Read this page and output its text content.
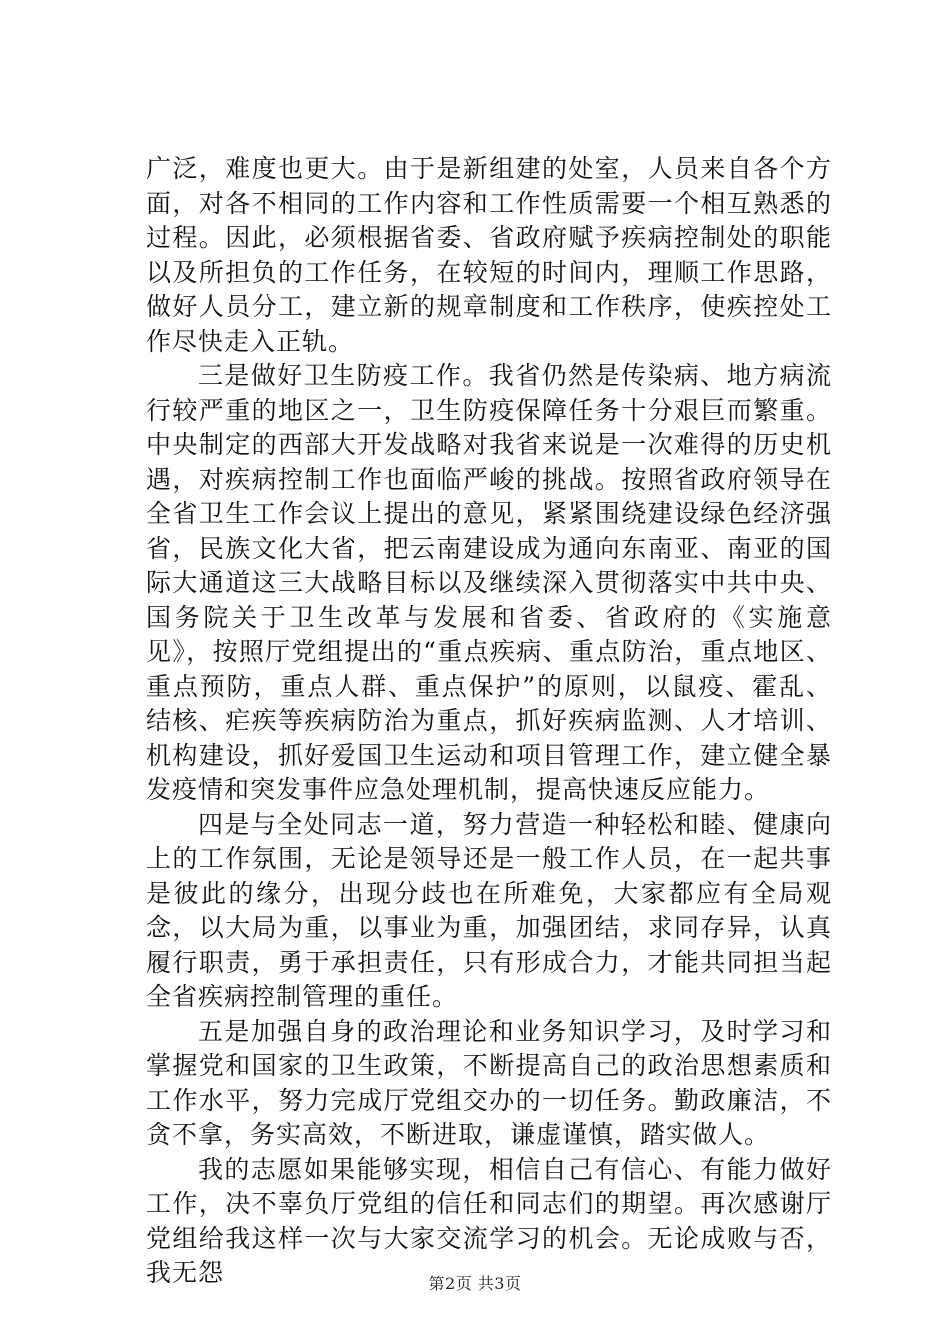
广泛，难度也更大。由于是新组建的处室，人员来自各个方面，对各不相同的工作内容和工作性质需要一个相互熟悉的过程。因此，必须根据省委、省政府赋予疾病控制处的职能以及所担负的工作任务，在较短的时间内，理顺工作思路，做好人员分工，建立新的规章制度和工作秩序，使疾控处工作尽快走入正轨。

三是做好卫生防疫工作。我省仍然是传染病、地方病流行较严重的地区之一，卫生防疫保障任务十分艰巨而繁重。中央制定的西部大开发战略对我省来说是一次难得的历史机遇，对疾病控制工作也面临严峻的挑战。按照省政府领导在全省卫生工作会议上提出的意见，紧紧围绕建设绿色经济强省，民族文化大省，把云南建设成为通向东南亚、南亚的国际大通道这三大战略目标以及继续深入贯彻落实中共中央、国务院关于卫生改革与发展和省委、省政府的《实施意见》，按照厅党组提出的“重点疾病、重点防治，重点地区、重点预防，重点人群、重点保护”的原则，以鼠疫、霍乱、结核、疟疾等疾病防治为重点，抓好疾病监测、人才培训、机构建设，抓好爱国卫生运动和项目管理工作，建立健全暴发疫情和突发事件应急处理机制，提高快速反应能力。

四是与全处同志一道，努力营造一种轻松和睦、健康向上的工作氛围，无论是领导还是一般工作人员，在一起共事是彼此的缘分，出现分歧也在所难免，大家都应有全局观念，以大局为重，以事业为重，加强团结，求同存异，认真履行职责，勇于承担责任，只有形成合力，才能共同担当起全省疾病控制管理的重任。

五是加强自身的政治理论和业务知识学习，及时学习和掌握党和国家的卫生政策，不断提高自己的政治思想素质和工作水平，努力完成厅党组交办的一切任务。勤政廉洁，不贪不拿，务实高效，不断进取，谦虚谨慎，踏实做人。

我的志愿如果能够实现，相信自己有信心、有能力做好工作，决不辜负厅党组的信任和同志们的期望。再次感谢厅党组给我这样一次与大家交流学习的机会。无论成败与否，我无怨	第2页 共3页
